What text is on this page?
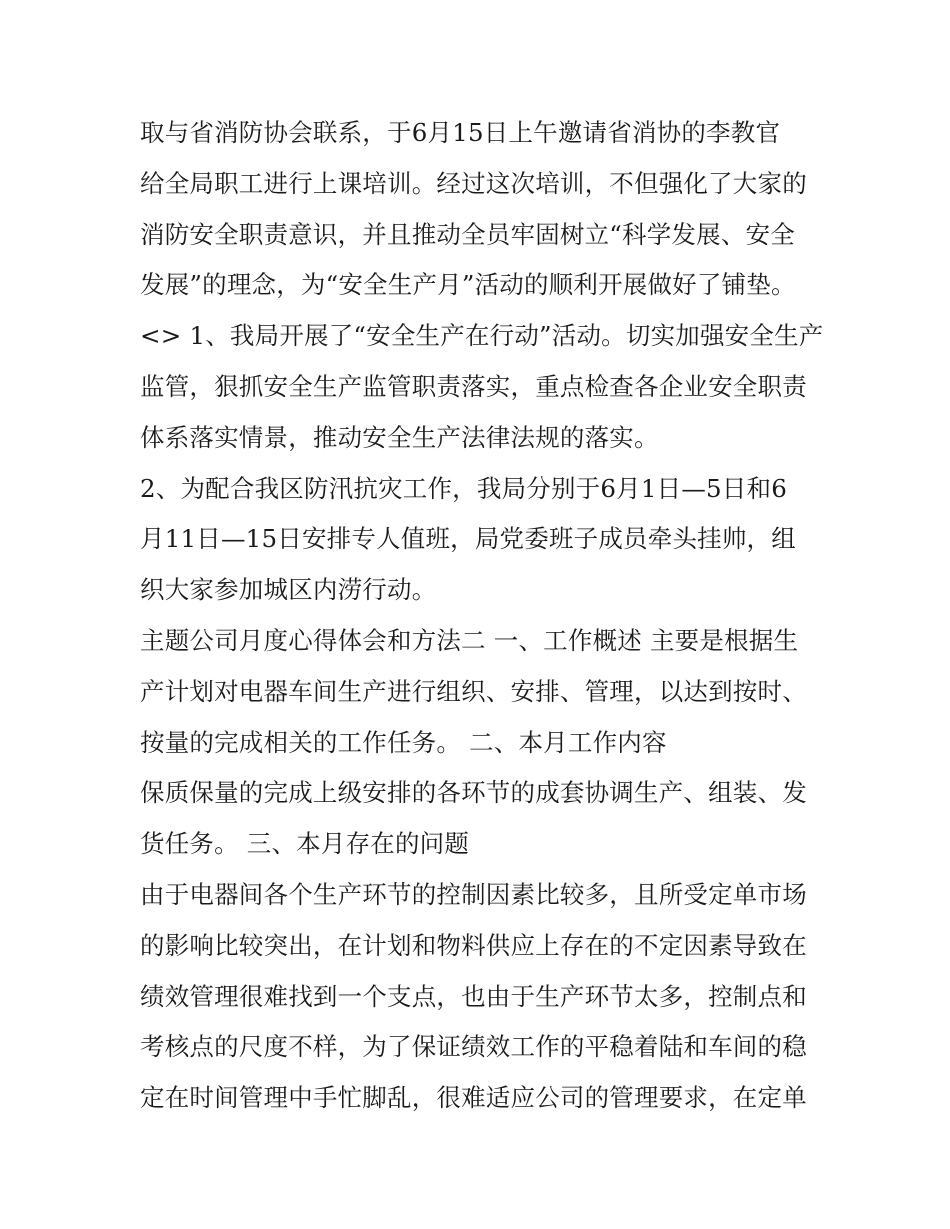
取与省消防协会联系，于6月15日上午邀请省消协的李教官
给全局职工进行上课培训。经过这次培训，不但强化了大家的
消防安全职责意识，并且推动全员牢固树立“科学发展、安全
发展”的理念，为“安全生产月”活动的顺利开展做好了铺垫。
<> 1、我局开展了“安全生产在行动”活动。切实加强安全生产
监管，狠抓安全生产监管职责落实，重点检查各企业安全职责
体系落实情景，推动安全生产法律法规的落实。
2、为配合我区防汛抗灾工作，我局分别于6月1日—5日和6
月11日—15日安排专人值班，局党委班子成员牵头挂帅，组
织大家参加城区内涝行动。
主题公司月度心得体会和方法二 一、工作概述 主要是根据生
产计划对电器车间生产进行组织、安排、管理，以达到按时、
按量的完成相关的工作任务。 二、本月工作内容
保质保量的完成上级安排的各环节的成套协调生产、组装、发
货任务。 三、本月存在的问题
由于电器间各个生产环节的控制因素比较多，且所受定单市场
的影响比较突出，在计划和物料供应上存在的不定因素导致在
绩效管理很难找到一个支点，也由于生产环节太多，控制点和
考核点的尺度不样，为了保证绩效工作的平稳着陆和车间的稳
定在时间管理中手忙脚乱，很难适应公司的管理要求，在定单
